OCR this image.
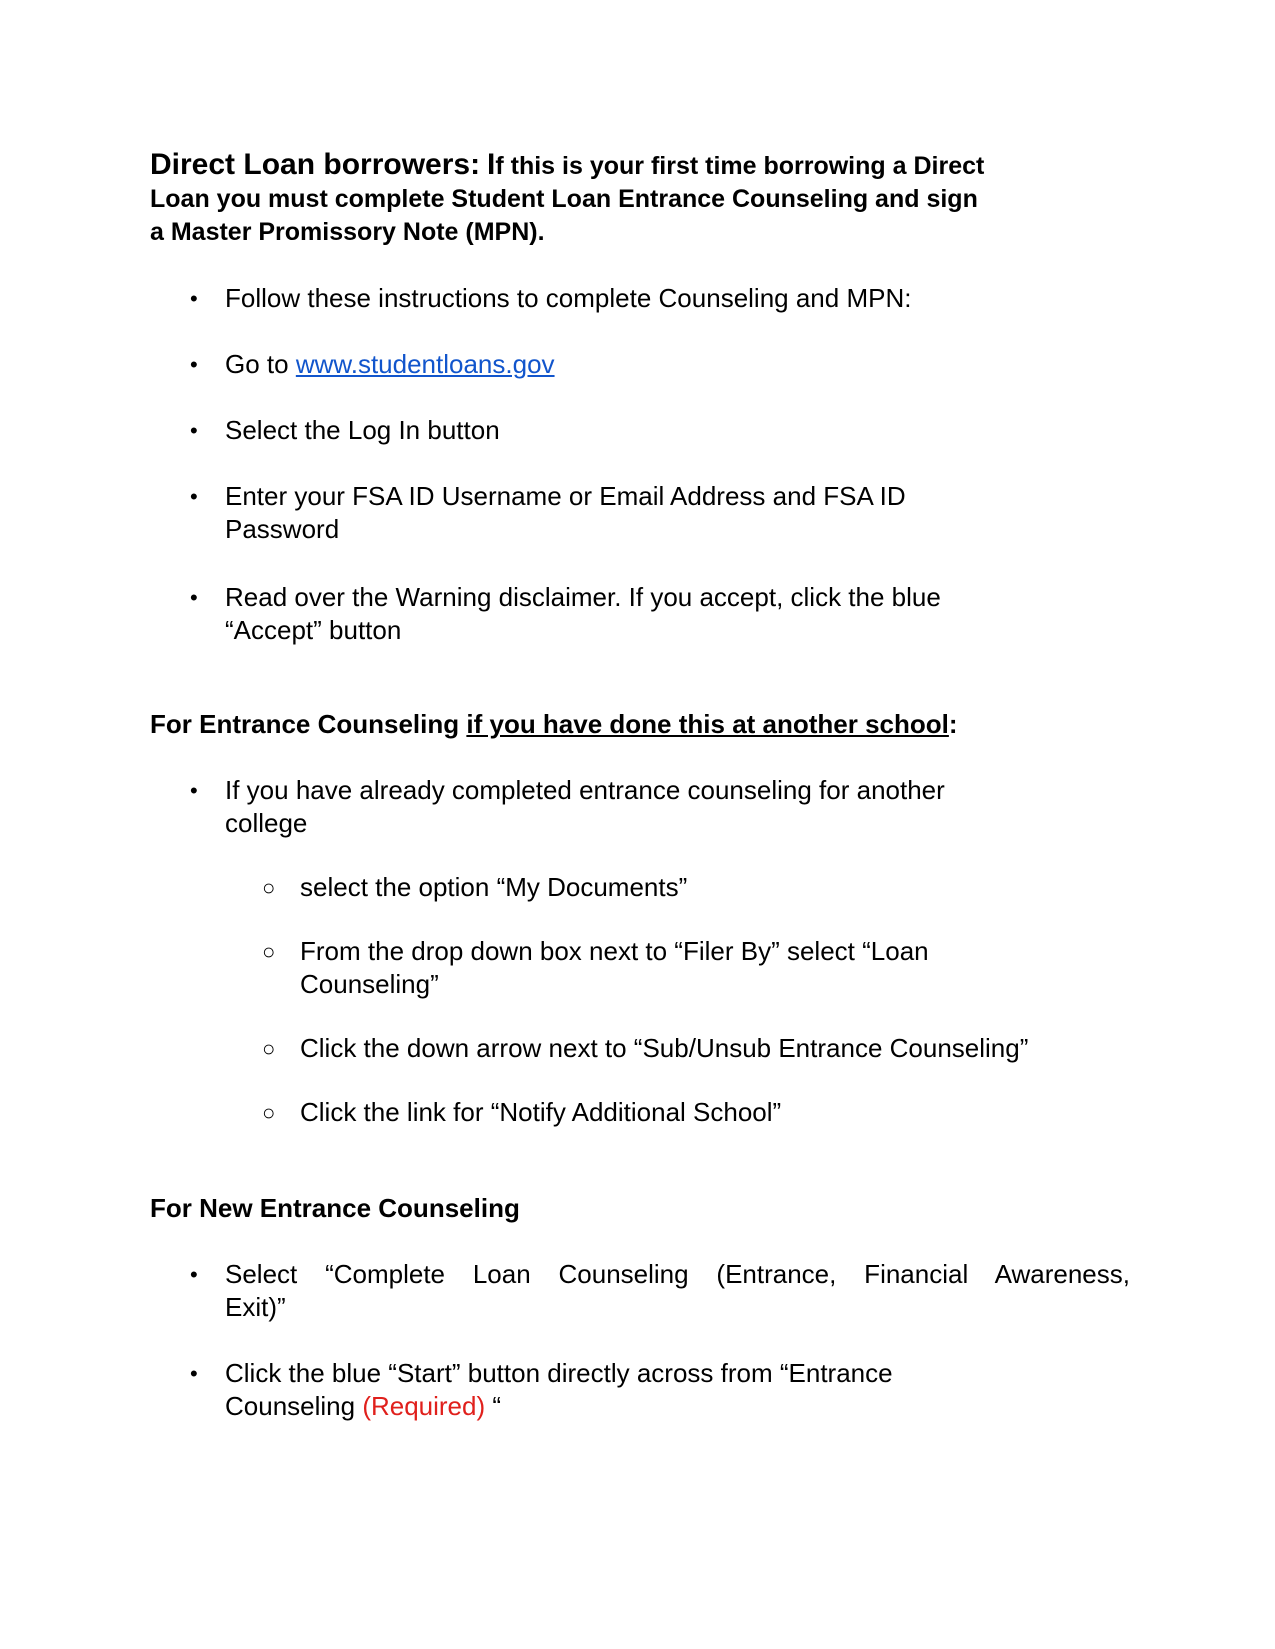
Direct Loan borrowers: If this is your first time borrowing a Direct
Loan you must complete Student Loan Entrance Counseling and sign
a Master Promissory Note (MPN).
• Follow these instructions to complete Counseling and MPN:
• Go to www.studentloans.gov
• Select the Log In button
• Enter your FSA ID Username or Email Address and FSA ID
Password
• Read over the Warning disclaimer. If you accept, click the blue
“Accept” button
For Entrance Counseling if you have done this at another school:
• If you have already completed entrance counseling for another
college
○ select the option “My Documents”
○ From the drop down box next to “Filer By” select “Loan
Counseling”
○ Click the down arrow next to “Sub/Unsub Entrance Counseling”
○ Click the link for “Notify Additional School”
For New Entrance Counseling
• Select “Complete Loan Counseling (Entrance, Financial Awareness,
Exit)”
• Click the blue “Start” button directly across from “Entrance
Counseling (Required) “
